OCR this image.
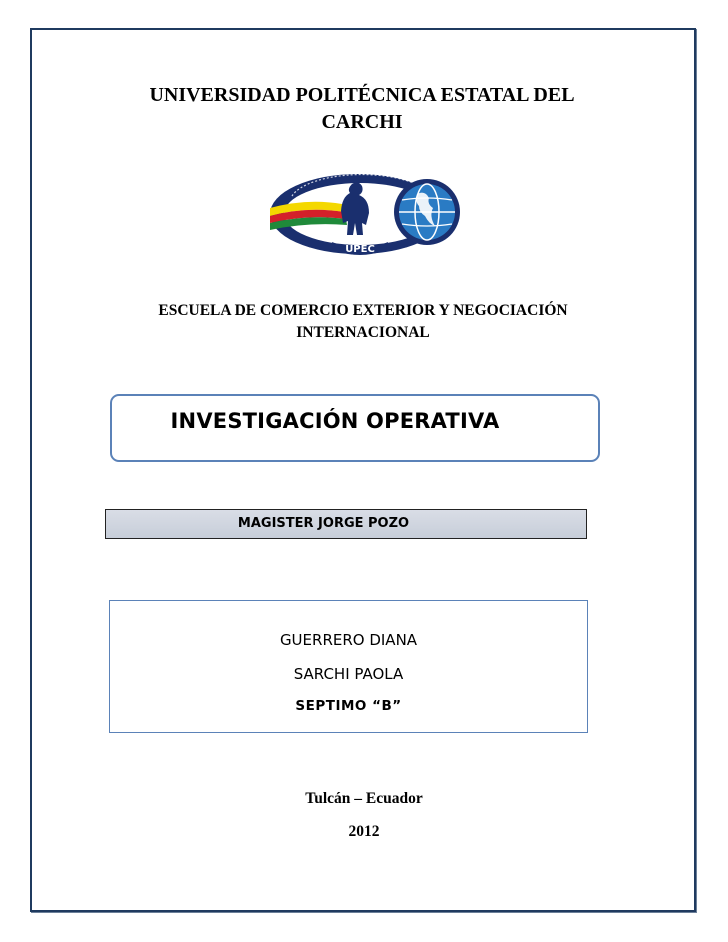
UNIVERSIDAD POLITÉCNICA ESTATAL DEL
CARCHI
UPEC
ESCUELA DE COMERCIO EXTERIOR Y NEGOCIACIÓN
INTERNACIONAL
INVESTIGACIÓN OPERATIVA
MAGISTER JORGE POZO
GUERRERO DIANA
SARCHI PAOLA
SEPTIMO “B”
Tulcán – Ecuador
2012
